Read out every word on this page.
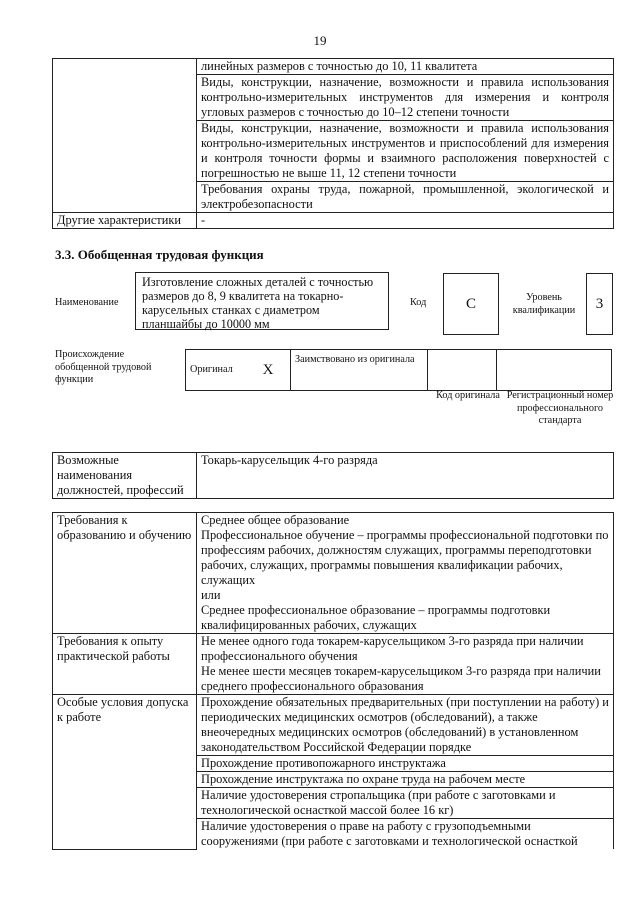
19
	линейных размеров с точностью до 10, 11 квалитета
	Виды, конструкции, назначение, возможности и правила использования контрольно-измерительных инструментов для измерения и контроля угловых размеров с точностью до 10–12 степени точности
	Виды, конструкции, назначение, возможности и правила использования контрольно-измерительных инструментов и приспособлений для измерения и контроля точности формы и взаимного расположения поверхностей с погрешностью не выше 11, 12 степени точности
	Требования охраны труда, пожарной, промышленной, экологической и электробезопасности
Другие характеристики	-
3.3. Обобщенная трудовая функция
Наименование
Изготовление сложных деталей с точностью размеров до 8, 9 квалитета на токарно-карусельных станках с диаметром планшайбы до 10000 мм
Код	C	Уровень квалификации	3
Происхождение обобщенной трудовой функции
Оригинал	X	Заимствовано из оригинала		
Код оригинала Регистрационный номер профессионального стандарта
Возможные наименования должностей, профессий	Токарь-карусельщик 4-го разряда
Требования к образованию и обучению	Среднее общее образование
Профессиональное обучение – программы профессиональной подготовки по профессиям рабочих, должностям служащих, программы переподготовки рабочих, служащих, программы повышения квалификации рабочих, служащих
или
Среднее профессиональное образование – программы подготовки квалифицированных рабочих, служащих

Требования к опыту практической работы	Не менее одного года токарем-карусельщиком 3-го разряда при наличии профессионального обучения
Не менее шести месяцев токарем-карусельщиком 3-го разряда при наличии среднего профессионального образования

Особые условия допуска к работе	Прохождение обязательных предварительных (при поступлении на работу) и периодических медицинских осмотров (обследований), а также внеочередных медицинских осмотров (обследований) в установленном законодательством Российской Федерации порядке
	Прохождение противопожарного инструктажа
	Прохождение инструктажа по охране труда на рабочем месте
	Наличие удостоверения стропальщика (при работе с заготовками и технологической оснасткой массой более 16 кг)
	Наличие удостоверения о праве на работу с грузоподъемными сооружениями (при работе с заготовками и технологической оснасткой
